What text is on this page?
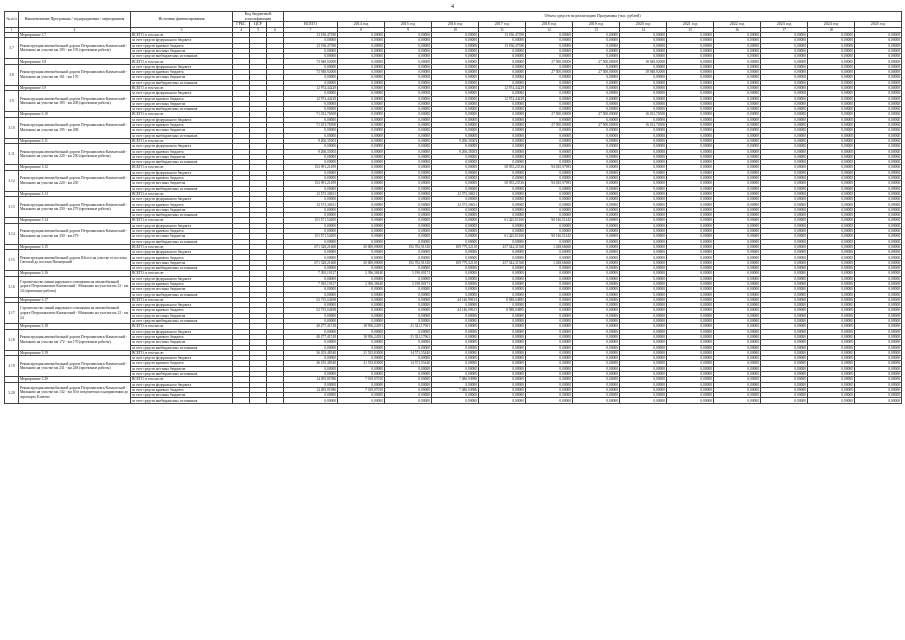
4
№ п/п	Наименование Программы / подпрограммы / мероприятия	Источник финансирования	Код бюджетной классификации			Объем средств на реализацию Программы (тыс. рублей)												
			ГРБС	ЦСР		ВСЕГО	2014 год	2015 год	2016 год	2017 год	2018 год	2019 год	2020 год	2021 год	2022 год	2023 год	2024 год	2025 год
1	2	3	4	5	6	7	8	9	10	11	12	13	14	15	16	17	18	
	Мероприятие 3.7	ВСЕГО, в том числе:				13 196,47390	0,00000	0,00000	0,00000	13 196,47390	0,00000	0,00000	0,00000	0,00000	0,00000	0,00000	0,00000	0,00000
3.7	Реконструкция автомобильной дороги Петропавловск-Камчатский - Мильково на участке км 183 - км 195 (проектные работы)	за счет средств федерального бюджета				0,00000	0,00000	0,00000	0,00000	0,00000	0,00000	0,00000	0,00000	0,00000	0,00000	0,00000	0,00000	0,00000
		за счет средств краевого бюджета				13 196,47390	0,00000	0,00000	0,00000	13 196,47390	0,00000	0,00000	0,00000	0,00000	0,00000	0,00000	0,00000	0,00000
		за счет средств местных бюджетов				0,00000	0,00000	0,00000	0,00000	0,00000	0,00000	0,00000	0,00000	0,00000	0,00000	0,00000	0,00000	0,00000
		за счет средств внебюджетных источников				0,00000	0,00000	0,00000	0,00000	0,00000	0,00000	0,00000	0,00000	0,00000	0,00000	0,00000	0,00000	0,00000
	Мероприятие 3.8	ВСЕГО, в том числе:				73 948,92000	0,00000	0,00000	0,00000	0,00000	27 500,00000	27 500,00000	18 948,92000	0,00000	0,00000	0,00000	0,00000	0,00000
3.8	Реконструкция автомобильной дороги Петропавловск-Камчатский - Мильково на участке км 161 - км 170	за счет средств федерального бюджета				0,00000	0,00000	0,00000	0,00000	0,00000	0,00000	0,00000	0,00000	0,00000	0,00000	0,00000	0,00000	0,00000
		за счет средств краевого бюджета				73 948,92000	0,00000	0,00000	0,00000	0,00000	27 500,00000	27 500,00000	18 948,92000	0,00000	0,00000	0,00000	0,00000	0,00000
		за счет средств местных бюджетов				0,00000	0,00000	0,00000	0,00000	0,00000	0,00000	0,00000	0,00000	0,00000	0,00000	0,00000	0,00000	0,00000
		за счет средств внебюджетных источников				0,00000	0,00000	0,00000	0,00000	0,00000	0,00000	0,00000	0,00000	0,00000	0,00000	0,00000	0,00000	0,00000
	Мероприятие 3.9	ВСЕГО, в том числе:				12 974,44229	0,00000	0,00000	0,00000	12 974,44229	0,00000	0,00000	0,00000	0,00000	0,00000	0,00000	0,00000	0,00000
3.9	Реконструкция автомобильной дороги Петропавловск-Камчатский - Мильково на участке км 183 - км 208 (проектные работы)	за счет средств федерального бюджета				0,00000	0,00000	0,00000	0,00000	0,00000	0,00000	0,00000	0,00000	0,00000	0,00000	0,00000	0,00000	0,00000
		за счет средств краевого бюджета				12 974,44229	0,00000	0,00000	0,00000	12 974,44229	0,00000	0,00000	0,00000	0,00000	0,00000	0,00000	0,00000	0,00000
		за счет средств местных бюджетов				0,00000	0,00000	0,00000	0,00000	0,00000	0,00000	0,00000	0,00000	0,00000	0,00000	0,00000	0,00000	0,00000
		за счет средств внебюджетных источников				0,00000	0,00000	0,00000	0,00000	0,00000	0,00000	0,00000	0,00000	0,00000	0,00000	0,00000	0,00000	0,00000
	Мероприятие 3.10	ВСЕГО, в том числе:				71 013,76500	0,00000	0,00000	0,00000	0,00000	27 500,00000	27 500,00000	16 013,76500	0,00000	0,00000	0,00000	0,00000	0,00000
3.10	Реконструкция автомобильной дороги Петропавловск-Камчатский - Мильково на участке км 195 - км 208	за счет средств федерального бюджета				0,00000	0,00000	0,00000	0,00000	0,00000	0,00000	0,00000	0,00000	0,00000	0,00000	0,00000	0,00000	0,00000
		за счет средств краевого бюджета				71 013,76500	0,00000	0,00000	0,00000	0,00000	27 500,00000	27 500,00000	16 013,76500	0,00000	0,00000	0,00000	0,00000	0,00000
		за счет средств местных бюджетов				0,00000	0,00000	0,00000	0,00000	0,00000	0,00000	0,00000	0,00000	0,00000	0,00000	0,00000	0,00000	0,00000
		за счет средств внебюджетных источников				0,00000	0,00000	0,00000	0,00000	0,00000	0,00000	0,00000	0,00000	0,00000	0,00000	0,00000	0,00000	0,00000
	Мероприятие 3.11	ВСЕГО, в том числе:				9 206,35003	0,00000	0,00000	9 206,35003	0,00000	0,00000	0,00000	0,00000	0,00000	0,00000	0,00000	0,00000	0,00000
3.11	Реконструкция автомобильной дороги Петропавловск-Камчатский - Мильково на участке км 220 - км 250 (проектные работы)	за счет средств федерального бюджета				0,00000	0,00000	0,00000	0,00000	0,00000	0,00000	0,00000	0,00000	0,00000	0,00000	0,00000	0,00000	0,00000
		за счет средств краевого бюджета				9 206,35003	0,00000	0,00000	9 206,35003	0,00000	0,00000	0,00000	0,00000	0,00000	0,00000	0,00000	0,00000	0,00000
		за счет средств местных бюджетов				0,00000	0,00000	0,00000	0,00000	0,00000	0,00000	0,00000	0,00000	0,00000	0,00000	0,00000	0,00000	0,00000
		за счет средств внебюджетных источников				0,00000	0,00000	0,00000	0,00000	0,00000	0,00000	0,00000	0,00000	0,00000	0,00000	0,00000	0,00000	0,00000
	Мероприятие 3.12	ВСЕГО, в том числе:				152 991,21499	0,00000	0,00000	0,00000	58 955,23516	94 035,97983	0,00000	0,00000	0,00000	0,00000	0,00000	0,00000	0,00000
3.12	Реконструкция автомобильной дороги Петропавловск-Камчатский - Мильково на участке км 220 - км 250	за счет средств федерального бюджета				0,00000	0,00000	0,00000	0,00000	0,00000	0,00000	0,00000	0,00000	0,00000	0,00000	0,00000	0,00000	0,00000
		за счет средств краевого бюджета				0,00000	0,00000	0,00000	0,00000	0,00000	0,00000	0,00000	0,00000	0,00000	0,00000	0,00000	0,00000	0,00000
		за счет средств местных бюджетов				152 991,21499	0,00000	0,00000	0,00000	58 955,23516	94 035,97983	0,00000	0,00000	0,00000	0,00000	0,00000	0,00000	0,00000
		за счет средств внебюджетных источников				0,00000	0,00000	0,00000	0,00000	0,00000	0,00000	0,00000	0,00000	0,00000	0,00000	0,00000	0,00000	0,00000
	Мероприятие 3.13	ВСЕГО, в том числе:				12 573,30631	0,00000	0,00000	12 573,30631	0,00000	0,00000	0,00000	0,00000	0,00000	0,00000	0,00000	0,00000	0,00000
3.13	Реконструкция автомобильной дороги Петропавловск-Камчатский - Мильково на участке км 250 - км 279 (проектные работы)	за счет средств федерального бюджета				0,00000	0,00000	0,00000	0,00000	0,00000	0,00000	0,00000	0,00000	0,00000	0,00000	0,00000	0,00000	0,00000
		за счет средств краевого бюджета				12 573,30631	0,00000	0,00000	12 573,30631	0,00000	0,00000	0,00000	0,00000	0,00000	0,00000	0,00000	0,00000	0,00000
		за счет средств местных бюджетов				0,00000	0,00000	0,00000	0,00000	0,00000	0,00000	0,00000	0,00000	0,00000	0,00000	0,00000	0,00000	0,00000
		за счет средств внебюджетных источников				0,00000	0,00000	0,00000	0,00000	0,00000	0,00000	0,00000	0,00000	0,00000	0,00000	0,00000	0,00000	0,00000
	Мероприятие 3.14	ВСЕГО, в том числе:				151 571,52605	0,00000	0,00000	0,00000	61 425,01160	90 146,51445	0,00000	0,00000	0,00000	0,00000	0,00000	0,00000	0,00000
3.14	Реконструкция автомобильной дороги Петропавловск-Камчатский - Мильково на участке км 250 - км 279	за счет средств федерального бюджета				0,00000	0,00000	0,00000	0,00000	0,00000	0,00000	0,00000	0,00000	0,00000	0,00000	0,00000	0,00000	0,00000
		за счет средств краевого бюджета				0,00000	0,00000	0,00000	0,00000	0,00000	0,00000	0,00000	0,00000	0,00000	0,00000	0,00000	0,00000	0,00000
		за счет средств местных бюджетов				151 571,52605	0,00000	0,00000	0,00000	61 425,01160	90 146,51445	0,00000	0,00000	0,00000	0,00000	0,00000	0,00000	0,00000
		за счет средств внебюджетных источников				0,00000	0,00000	0,00000	0,00000	0,00000	0,00000	0,00000	0,00000	0,00000	0,00000	0,00000	0,00000	0,00000
	Мероприятие 3.15	ВСЕГО, в том числе:				671 328,21660	30 000,00000	192 765,91330	109 779,32110	237 344,31560	1 438,66660	0,00000	0,00000	0,00000	0,00000	0,00000	0,00000	0,00000
3.15	Реконструкция автомобильной дороги Шоссе на участке от поселка Светлый до поселка Пионерский	за счет средств федерального бюджета				0,00000	0,00000	0,00000	0,00000	0,00000	0,00000	0,00000	0,00000	0,00000	0,00000	0,00000	0,00000	0,00000
		за счет средств краевого бюджета				0,00000	0,00000	0,00000	0,00000	0,00000	0,00000	0,00000	0,00000	0,00000	0,00000	0,00000	0,00000	0,00000
		за счет средств местных бюджетов				671 328,21660	30 000,00000	192 765,91330	109 779,32110	237 344,31560	1 438,66660	0,00000	0,00000	0,00000	0,00000	0,00000	0,00000	0,00000
		за счет средств внебюджетных источников				0,00000	0,00000	0,00000	0,00000	0,00000	0,00000	0,00000	0,00000	0,00000	0,00000	0,00000	0,00000	0,00000
	Мероприятие 3.16	ВСЕГО, в том числе:				7 395,19127	2 396,38440	5 190,00171	0,00000	0,00000	0,00000	0,00000	0,00000	0,00000	0,00000	0,00000	0,00000	0,00000
3.16	Строительство линии наружного освещения на автомобильной дороге Петропавловск-Камчатский - Мильково на участке км 12 - км 24 (проектные работы)	за счет средств федерального бюджета				0,00000	0,00000	0,00000	0,00000	0,00000	0,00000	0,00000	0,00000	0,00000	0,00000	0,00000	0,00000	0,00000
		за счет средств краевого бюджета				7 395,19127	2 396,38440	5 190,00171	0,00000	0,00000	0,00000	0,00000	0,00000	0,00000	0,00000	0,00000	0,00000	0,00000
		за счет средств местных бюджетов				0,00000	0,00000	0,00000	0,00000	0,00000	0,00000	0,00000	0,00000	0,00000	0,00000	0,00000	0,00000	0,00000
		за счет средств внебюджетных источников				0,00000	0,00000	0,00000	0,00000	0,00000	0,00000	0,00000	0,00000	0,00000	0,00000	0,00000	0,00000	0,00000
	Мероприятие 3.17	ВСЕГО, в том числе:				52 735,04498	0,00000	0,00000	44 146,99613	8 588,04885	0,00000	0,00000	0,00000	0,00000	0,00000	0,00000	0,00000	0,00000
3.17	Строительство линий наружного освещения на автомобильной дороге Петропавловск-Камчатский - Мильково на участке км 12 - км 24	за счет средств федерального бюджета				0,00000	0,00000	0,00000	0,00000	0,00000	0,00000	0,00000	0,00000	0,00000	0,00000	0,00000	0,00000	0,00000
		за счет средств краевого бюджета				52 735,04498	0,00000	0,00000	44 146,99613	8 588,04885	0,00000	0,00000	0,00000	0,00000	0,00000	0,00000	0,00000	0,00000
		за счет средств местных бюджетов				0,00000	0,00000	0,00000	0,00000	0,00000	0,00000	0,00000	0,00000	0,00000	0,00000	0,00000	0,00000	0,00000
		за счет средств внебюджетных источников				0,00000	0,00000	0,00000	0,00000	0,00000	0,00000	0,00000	0,00000	0,00000	0,00000	0,00000	0,00000	0,00000
	Мероприятие 3.18	ВСЕГО, в том числе:				40 277,41518	18 956,24391	21 321,17061	0,00000	0,00000	0,00000	0,00000	0,00000	0,00000	0,00000	0,00000	0,00000	0,00000
3.18	Реконструкция автомобильной дороги Петропавловск-Камчатский - Мильково на участке км 172 - км 170 (проектные работы)	за счет средств федерального бюджета				0,00000	0,00000	0,00000	0,00000	0,00000	0,00000	0,00000	0,00000	0,00000	0,00000	0,00000	0,00000	0,00000
		за счет средств краевого бюджета				40 277,41518	18 956,24391	21 321,17061	0,00000	0,00000	0,00000	0,00000	0,00000	0,00000	0,00000	0,00000	0,00000	0,00000
		за счет средств местных бюджетов				0,00000	0,00000	0,00000	0,00000	0,00000	0,00000	0,00000	0,00000	0,00000	0,00000	0,00000	0,00000	0,00000
		за счет средств внебюджетных источников				0,00000	0,00000	0,00000	0,00000	0,00000	0,00000	0,00000	0,00000	0,00000	0,00000	0,00000	0,00000	0,00000
	Мероприятие 3.19	ВСЕГО, в том числе:				36 105,48540	21 535,83000	14 571,55440	0,00000	0,00000	0,00000	0,00000	0,00000	0,00000	0,00000	0,00000	0,00000	0,00000
3.19	Реконструкция автомобильной дороги Петропавловск-Камчатский - Мильково на участке км 231 - км 248 (проектные работы)	за счет средств федерального бюджета				0,00000	0,00000	0,00000	0,00000	0,00000	0,00000	0,00000	0,00000	0,00000	0,00000	0,00000	0,00000	0,00000
		за счет средств краевого бюджета				36 105,48540	21 535,83000	14 571,55440	0,00000	0,00000	0,00000	0,00000	0,00000	0,00000	0,00000	0,00000	0,00000	0,00000
		за счет средств местных бюджетов				0,00000	0,00000	0,00000	0,00000	0,00000	0,00000	0,00000	0,00000	0,00000	0,00000	0,00000	0,00000	0,00000
		за счет средств внебюджетных источников				0,00000	0,00000	0,00000	0,00000	0,00000	0,00000	0,00000	0,00000	0,00000	0,00000	0,00000	0,00000	0,00000
	Мероприятие 3.20	ВСЕГО, в том числе:				14 495,01986	7 019,07010	0,00000	7 486,94986	0,00000	0,00000	0,00000	0,00000	0,00000	0,00000	0,00000	0,00000	0,00000
3.20	Реконструкция автомобильной дороги Петропавловск-Камчатский - Мильково на участке км 132 - км 30 в покупателях и направлении до аэропорта Елизово	за счет средств федерального бюджета				0,00000	0,00000	0,00000	0,00000	0,00000	0,00000	0,00000	0,00000	0,00000	0,00000	0,00000	0,00000	0,00000
		за счет средств краевого бюджета				14 495,01986	7 019,07010	0,00000	7 486,94986	0,00000	0,00000	0,00000	0,00000	0,00000	0,00000	0,00000	0,00000	0,00000
		за счет средств местных бюджетов				0,00000	0,00000	0,00000	0,00000	0,00000	0,00000	0,00000	0,00000	0,00000	0,00000	0,00000	0,00000	0,00000
		за счет средств внебюджетных источников				0,00000	0,00000	0,00000	0,00000	0,00000	0,00000	0,00000	0,00000	0,00000	0,00000	0,00000	0,00000	0,00000
